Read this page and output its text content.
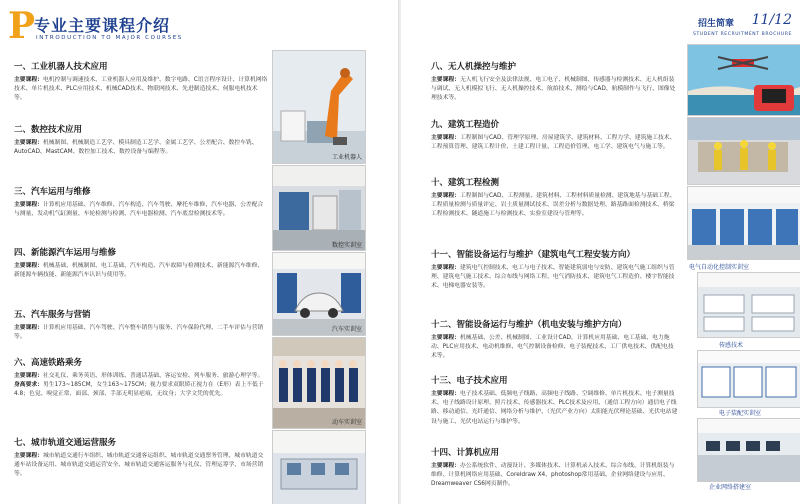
P
专业主要课程介绍
INTRODUCTION TO MAJOR COURSES
一、工业机器人技术应用

主要课程：电机控制与调速技术、工业机器人应用及维护、数字电路、C语言程序设计、计算机网络技术、单片机技术、PLC应用技术、机械CAD技术、物联网技术、先进制造技术、伺服电机技术等。

二、数控技术应用

主要课程：机械制图、机械制造工艺学、模具制造工艺学、金属工艺学、公差配合、数控车铣、AutoCAD、MastCAM、数控加工技术、数控设备与编程等。

三、汽车运用与维修

主要课程：计算机应用基础、汽车维修、汽车构造、汽车驾驶、摩托车维修、汽车电器、公差配合与测量、发动机气缸测量、车轮检测与检测、汽车电器检测、汽车底盘检测技术等。

四、新能源汽车运用与维修

主要课程：机械基础、机械制图、电工基础、汽车构造、汽车故障与检测技术、新能源汽车维修、新能源车辆技能、新能源汽车认识与使用等。

五、汽车服务与营销

主要课程：计算机应用基础、汽车驾驶、汽车整车销售与服务、汽车保险代理、二手车评估与营销等。

六、高速铁路乘务

主要课程：社交礼仪、乘务英语、形体训练、普通话基础、客运安检、列车服务、旅游心理学等。
身高要求：男生173~185CM，女生163~175CM；视力要求双眼矫正视力在（E形）表上不低于4.8；色觉、嗅觉正常，面部、颈部、手部无明显疤痕，无纹身；大学文凭的优先。

七、城市轨道交通运营服务

主要课程：城市轨道交通行车组织、城市轨道交通客运组织、城市轨道交通票务管理、城市轨道交通车站设备运用、城市轨道交通运营安全、城市轨道交通客运服务与礼仪、管理运筹学、市场营销等。

工业机器人
数控实训室
汽车实训室
动车实训室
招生简章 11/12
STUDENT RECRUITMENT BROCHURE
八、无人机操控与维护

主要课程：无人机飞行安全及法律法规、电工电子、机械制图、传感器与检测技术、无人机组装与调试、无人机模拟飞行、无人机操控技术、航拍技术、测绘与CAD、航模制作与飞行、图像处理技术等。

九、建筑工程造价

主要课程：工程制图与CAD、管理学原理、房屋建筑学、建筑材料、工程力学、建筑施工技术、工程预算管理、建筑工程计价、土建工程计量、工程造价管理、电工学、建筑电气与施工等。

十、建筑工程检测

主要课程：工程制图与CAD、工程测量、建筑材料、工程材料质量检测、建筑地基与基础工程、工程质量检测与质量评定、岩土质量测试技术、误差分析与数据处理、路基路面检测技术、桥梁工程检测技术、隧道施工与检测技术、实验室建设与管理等。

十一、智能设备运行与维护（建筑电气工程安装方向）

主要课程：建筑电气控制技术、电工与电子技术、智能建筑弱电与安防、建筑电气施工组织与管理、建筑电气施工技术、综合布线与网络工程、电气消防技术、建筑电气工程造价、楼宇智能技术、电梯电器安装等。

十二、智能设备运行与维护（机电安装与维护方向）

主要课程：机械基础、公差、机械制图、工业设计CAD，计算机应用基础、电工基础、电力拖动、PLC应用技术、电动机维修、电气控制设备检修、电子装配技术、工厂供电技术、供配电技术等。

十三、电子技术应用

主要课程：电子技术基础、低频电子线路、高频电子线路、空调维修、单片机技术、电子测量技术、电子线路设计原理、照片技术、传感器技术、PLC技术及应用、（通信工程方向）通信电子线路、移动通信、光纤通信、网络分析与维护、（光伏产业方向）太阳能光伏理论基础、光伏电站建设与施工、光伏电站运行与维护等。

十四、计算机应用

主要课程：办公系统软件、动漫设计、多媒体技术、计算机录入技术、综合布线、计算机组装与维修、计算机网络应用基础、Coreldraw X4、photoshop常用基础、企业网络建设与应用、Dreamweaver CS6网页制作。

电气自动化控制实训室
传感技术
电子装配实训室
企业网络搭建室
